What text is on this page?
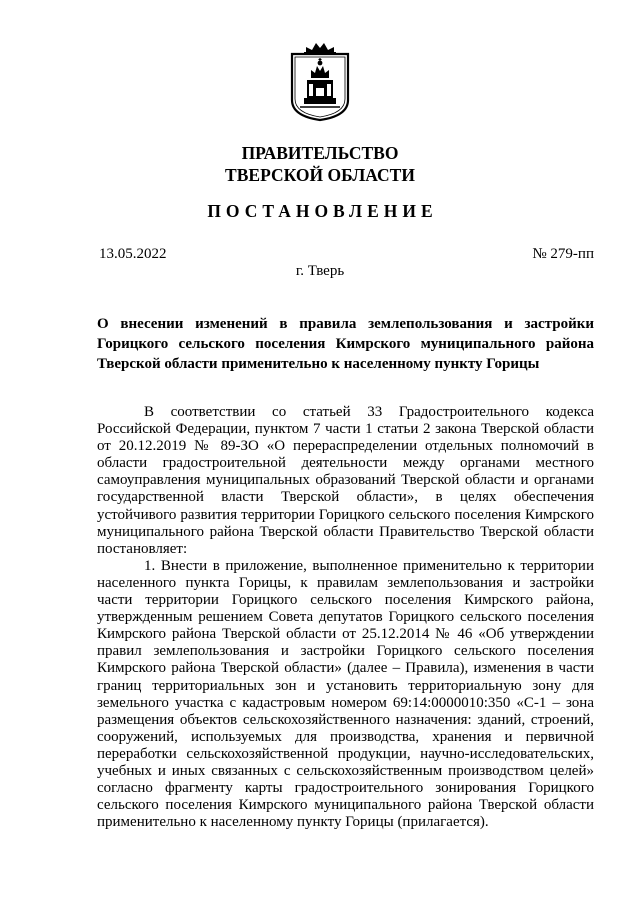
ПРАВИТЕЛЬСТВО
ТВЕРСКОЙ ОБЛАСТИ
ПОСТАНОВЛЕНИЕ
13.05.2022	№ 279-пп
г. Тверь
О внесении изменений в правила землепользования и застройки Горицкого сельского поселения Кимрского муниципального района Тверской области применительно к населенному пункту Горицы

В соответствии со статьей 33 Градостроительного кодекса Российской Федерации, пунктом 7 части 1 статьи 2 закона Тверской области от 20.12.2019 № 89-ЗО «О перераспределении отдельных полномочий в области градостроительной деятельности между органами местного самоуправления муниципальных образований Тверской области и органами государственной власти Тверской области», в целях обеспечения устойчивого развития территории Горицкого сельского поселения Кимрского муниципального района Тверской области Правительство Тверской области постановляет:

1. Внести в приложение, выполненное применительно к территории населенного пункта Горицы, к правилам землепользования и застройки части территории Горицкого сельского поселения Кимрского района, утвержденным решением Совета депутатов Горицкого сельского поселения Кимрского района Тверской области от 25.12.2014 № 46 «Об утверждении правил землепользования и застройки Горицкого сельского поселения Кимрского района Тверской области» (далее – Правила), изменения в части границ территориальных зон и установить территориальную зону для земельного участка с кадастровым номером 69:14:0000010:350 «С-1 – зона размещения объектов сельскохозяйственного назначения: зданий, строений, сооружений, используемых для производства, хранения и первичной переработки сельскохозяйственной продукции, научно-исследовательских, учебных и иных связанных с сельскохозяйственным производством целей» согласно фрагменту карты градостроительного зонирования Горицкого сельского поселения Кимрского муниципального района Тверской области применительно к населенному пункту Горицы (прилагается).
